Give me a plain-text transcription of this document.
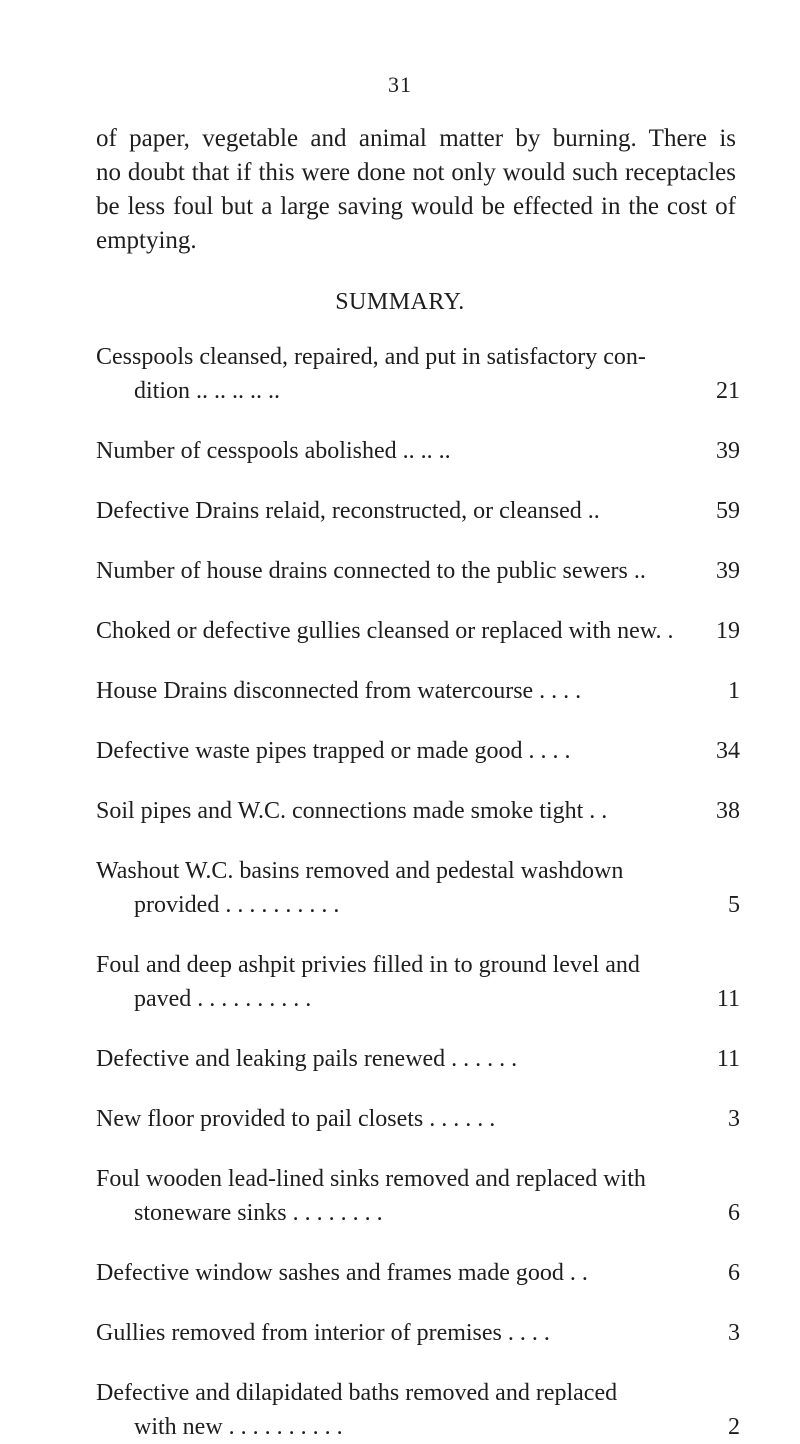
31
of paper, vegetable and animal matter by burning. There is
no doubt that if this were done not only would such receptacles
be less foul but a large saving would be effected in the cost of
emptying.
SUMMARY.
Cesspools cleansed, repaired, and put in satisfactory con-
dition .. .. .. .. ..	21
Number of cesspools abolished .. .. ..	39
Defective Drains relaid, reconstructed, or cleansed ..	59
Number of house drains connected to the public sewers ..	39
Choked or defective gullies cleansed or replaced with new. .	19
House Drains disconnected from watercourse . . . .	1
Defective waste pipes trapped or made good . . . .	34
Soil pipes and W.C. connections made smoke tight . .	38
Washout W.C. basins removed and pedestal washdown
provided . . . . . . . . . .	5
Foul and deep ashpit privies filled in to ground level and
paved . . . . . . . . . .	11
Defective and leaking pails renewed . . . . . .	11
New floor provided to pail closets . . . . . .	3
Foul wooden lead-lined sinks removed and replaced with
stoneware sinks . . . . . . . .	6
Defective window sashes and frames made good . .	6
Gullies removed from interior of premises . . . .	3
Defective and dilapidated baths removed and replaced
with new . . . . . . . . . .	2
